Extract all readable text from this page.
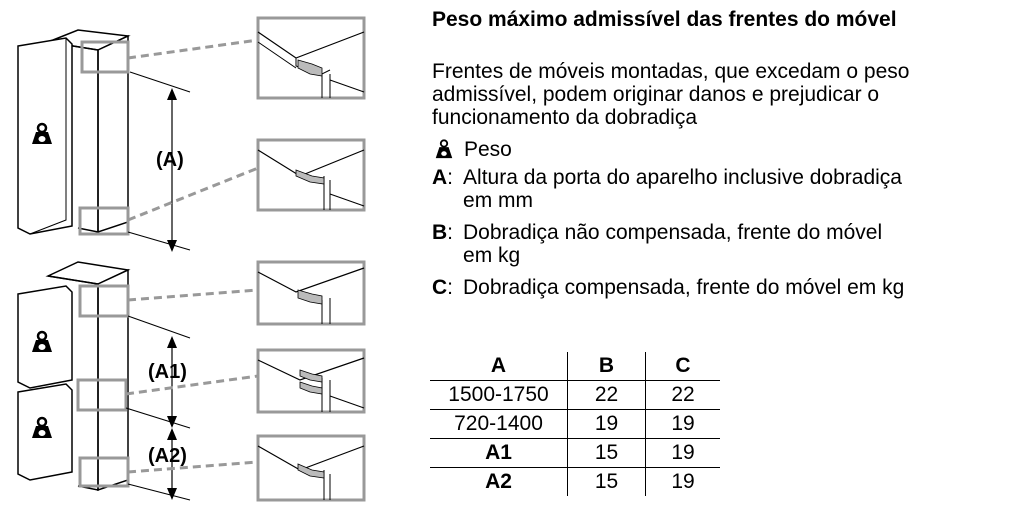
(A)
(A1)
(A2)
Peso máximo admissível das frentes do móvel
Frentes de móveis montadas, que excedam o peso
admissível, podem originar danos e prejudicar o
funcionamento da dobradiça
Peso
A: Altura da porta do aparelho inclusive dobradiça
em mm
B: Dobradiça não compensada, frente do móvel
em kg
C: Dobradiça compensada, frente do móvel em kg
A	B	C
1500-1750	22	22
720-1400	19	19
A1	15	19
A2	15	19
